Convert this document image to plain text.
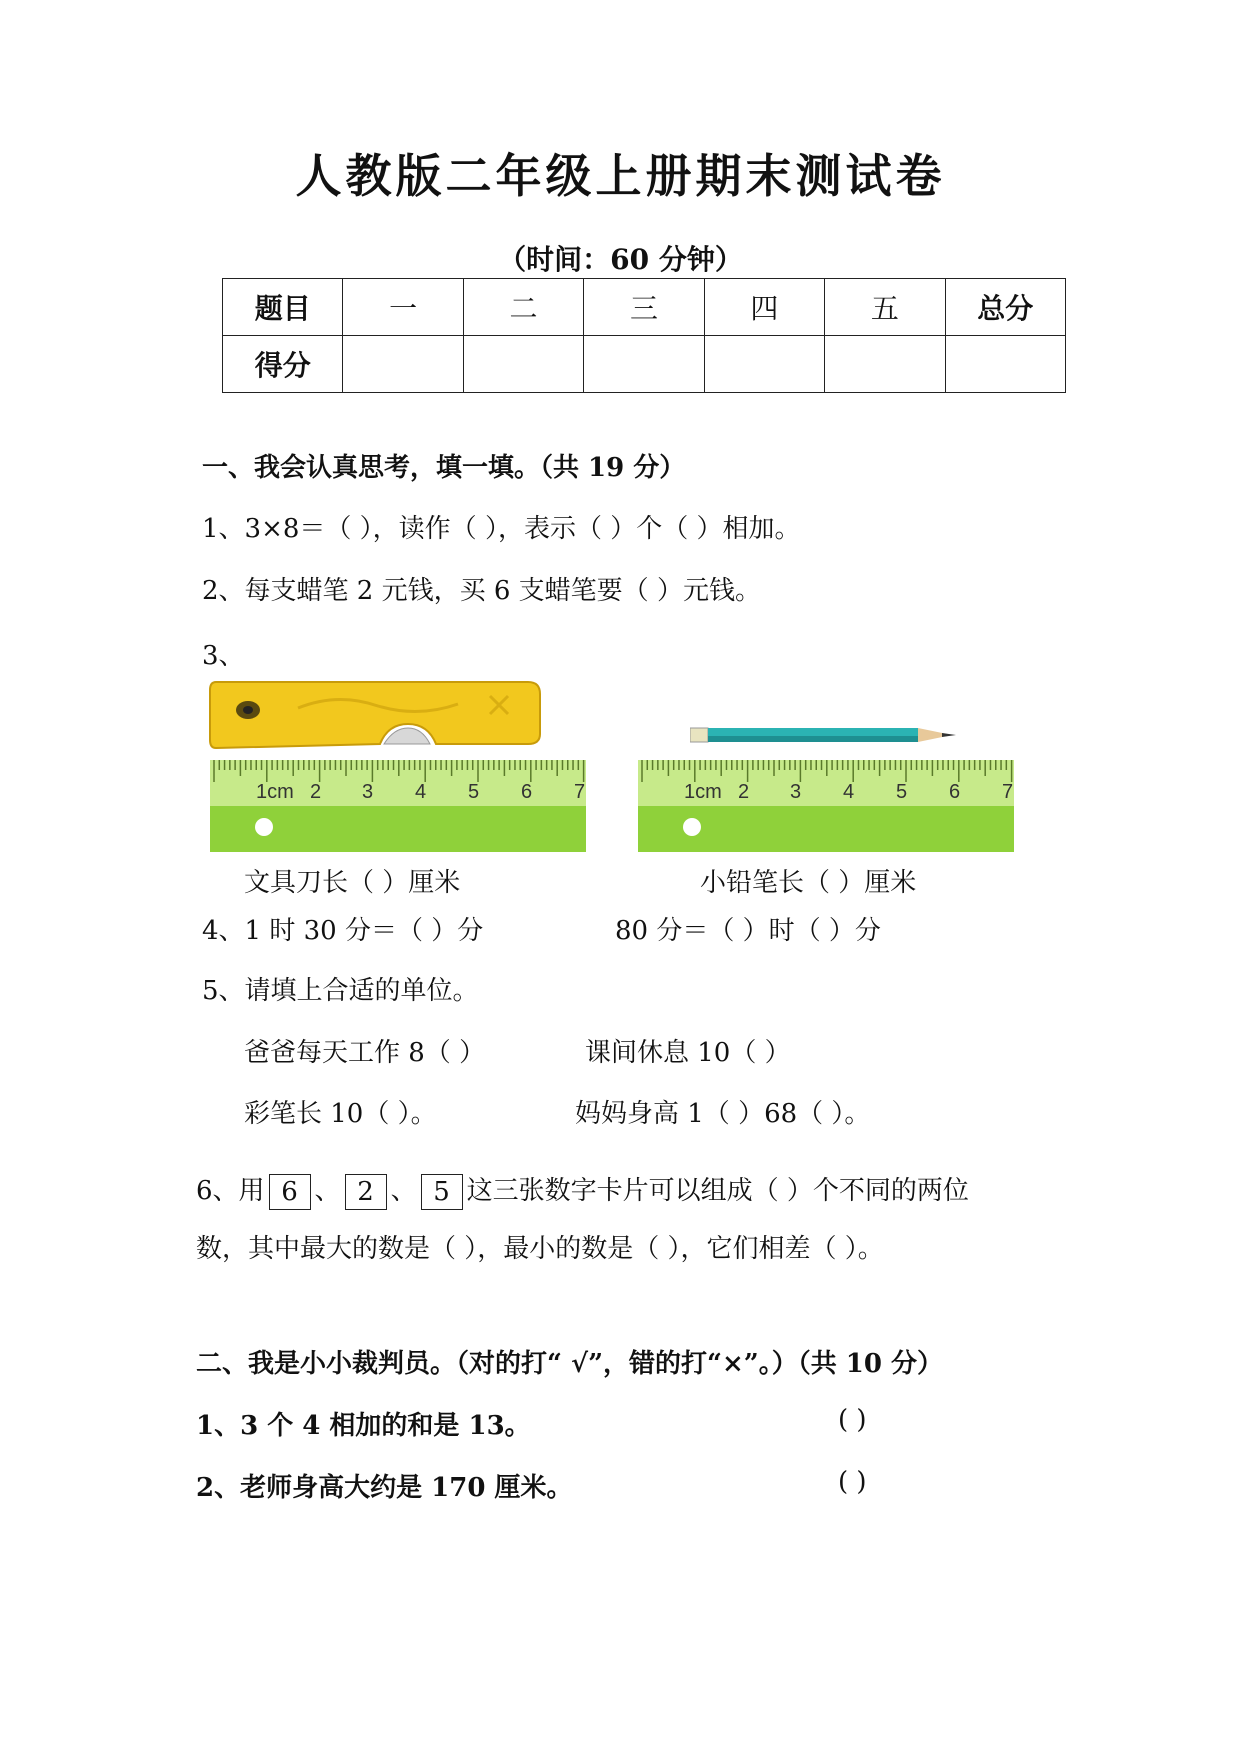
人教版二年级上册期末测试卷
（时间：60 分钟）
题目	一	二	三	四	五	总分
得分						
一、我会认真思考，填一填。（共 19 分）
1、3×8＝（ ），读作（ ），表示（ ）个（ ）相加。
2、每支蜡笔 2 元钱，买 6 支蜡笔要（ ）元钱。
3、
1cm 2 3 4 5 6 7	1cm 2 3 4 5 6 7
文具刀长（ ）厘米	小铅笔长（ ）厘米
4、1 时 30 分＝（ ）分	80 分＝（ ）时（ ）分
5、请填上合适的单位。
爸爸每天工作 8（ ）	课间休息 10（ ）
彩笔长 10（ ）。	妈妈身高 1（ ）68（ ）。
6、用 6 、 2 、 5 这三张数字卡片可以组成（ ）个不同的两位
数，其中最大的数是（ ），最小的数是（ ），它们相差（ ）。
二、我是小小裁判员。（对的打“ √”，错的打“×”。）（共 10 分）
1、3 个 4 相加的和是 13。	( )
2、老师身高大约是 170 厘米。	( )
